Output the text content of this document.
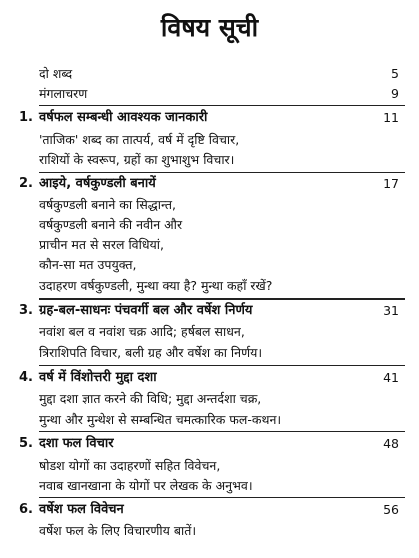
विषय सूची
दो शब्द	5
मंगलाचरण	9
1. वर्षफल सम्बन्धी आवश्यक जानकारी	11
'ताजिक' शब्द का तात्पर्य, वर्ष में दृष्टि विचार,
राशियों के स्वरूप, ग्रहों का शुभाशुभ विचार।
2. आइये, वर्षकुण्डली बनायें	17
वर्षकुण्डली बनाने का सिद्धान्त,
वर्षकुण्डली बनाने की नवीन और
प्राचीन मत से सरल विधियां,
कौन-सा मत उपयुक्त,
उदाहरण वर्षकुण्डली, मुन्था क्या है? मुन्था कहाँ रखें?
3. ग्रह-बल-साधनः पंचवर्गी बल और वर्षेश निर्णय	31
नवांश बल व नवांश चक्र आदि; हर्षबल साधन,
त्रिराशिपति विचार, बली ग्रह और वर्षेश का निर्णय।
4. वर्ष में विंशोत्तरी मुद्दा दशा	41
मुद्दा दशा ज्ञात करने की विधि; मुद्दा अन्तर्दशा चक्र,
मुन्था और मुन्थेश से सम्बन्धित चमत्कारिक फल-कथन।
5. दशा फल विचार	48
षोडश योगों का उदाहरणों सहित विवेचन,
नवाब खानखाना के योगों पर लेखक के अनुभव।
6. वर्षेश फल विवेचन	56
वर्षेश फल के लिए विचारणीय बातें।
